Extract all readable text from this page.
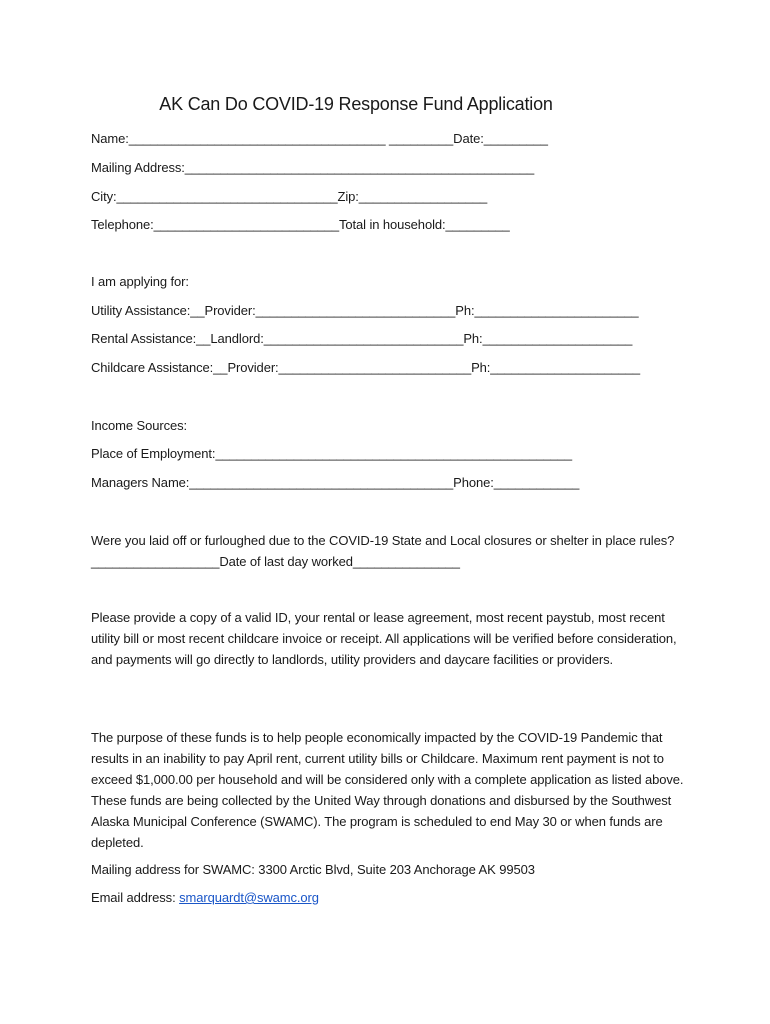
AK Can Do COVID-19 Response Fund Application
Name:____________________________________ _________Date:_________
Mailing Address:_________________________________________________
City:_______________________________Zip:__________________
Telephone:__________________________Total in household:_________
I am applying for:
Utility Assistance:__Provider:____________________________Ph:_______________________
Rental Assistance:__Landlord:____________________________Ph:_____________________
Childcare Assistance:__Provider:___________________________Ph:_____________________
Income Sources:
Place of Employment:__________________________________________________
Managers Name:_____________________________________Phone:____________
Were you laid off or furloughed due to the COVID-19 State and Local closures or shelter in place rules? __________________Date of last day worked_______________
Please provide a copy of a valid ID, your rental or lease agreement, most recent paystub, most recent utility bill or most recent childcare invoice or receipt. All applications will be verified before consideration, and payments will go directly to landlords, utility providers and daycare facilities or providers.
The purpose of these funds is to help people economically impacted by the COVID-19 Pandemic that results in an inability to pay April rent, current utility bills or Childcare. Maximum rent payment is not to exceed $1,000.00 per household and will be considered only with a complete application as listed above. These funds are being collected by the United Way through donations and disbursed by the Southwest Alaska Municipal Conference (SWAMC). The program is scheduled to end May 30 or when funds are depleted.
Mailing address for SWAMC: 3300 Arctic Blvd, Suite 203 Anchorage AK 99503
Email address: smarquardt@swamc.org
